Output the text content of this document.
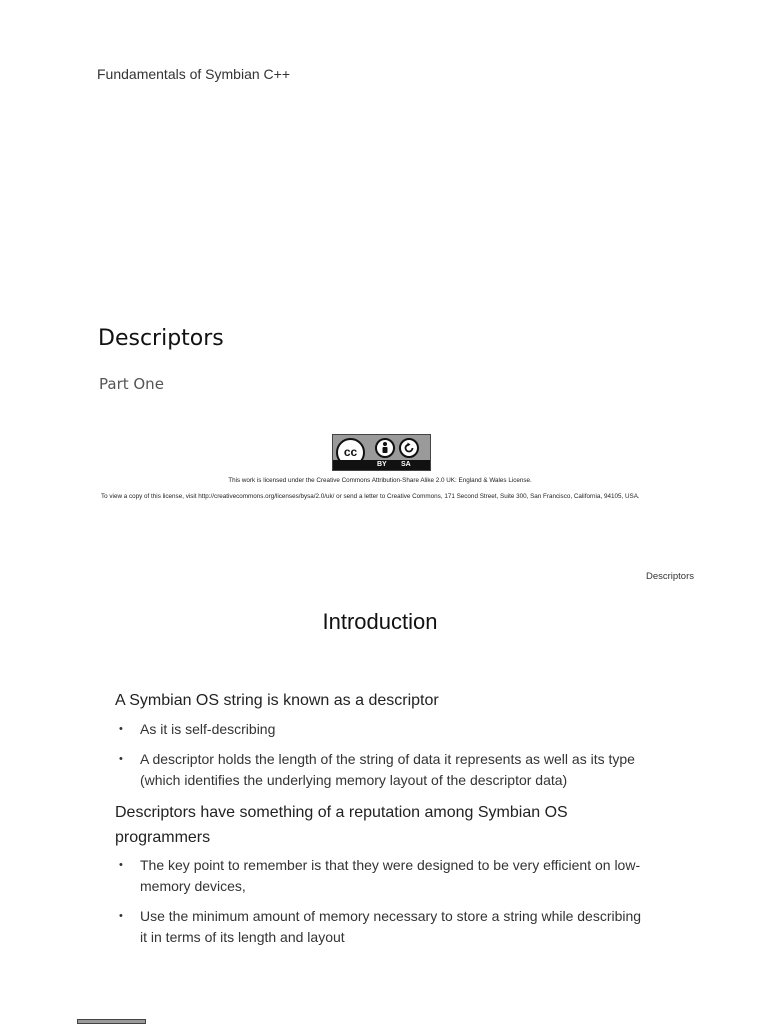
Fundamentals of Symbian C++
Descriptors
Part One
cc
BY SA
This work is licensed under the Creative Commons Attribution-Share Alike 2.0 UK: England & Wales License.
To view a copy of this license, visit http://creativecommons.org/licenses/bysa/2.0/uk/ or send a letter to Creative Commons, 171 Second Street, Suite 300, San Francisco, California, 94105, USA.
Descriptors
Introduction

A Symbian OS string is known as a descriptor

• As it is self-describing
• A descriptor holds the length of the string of data it represents as well as its type (which identifies the underlying memory layout of the descriptor data)

Descriptors have something of a reputation among Symbian OS programmers

• The key point to remember is that they were designed to be very efficient on low-memory devices,
• Use the minimum amount of memory necessary to store a string while describing it in terms of its length and layout
